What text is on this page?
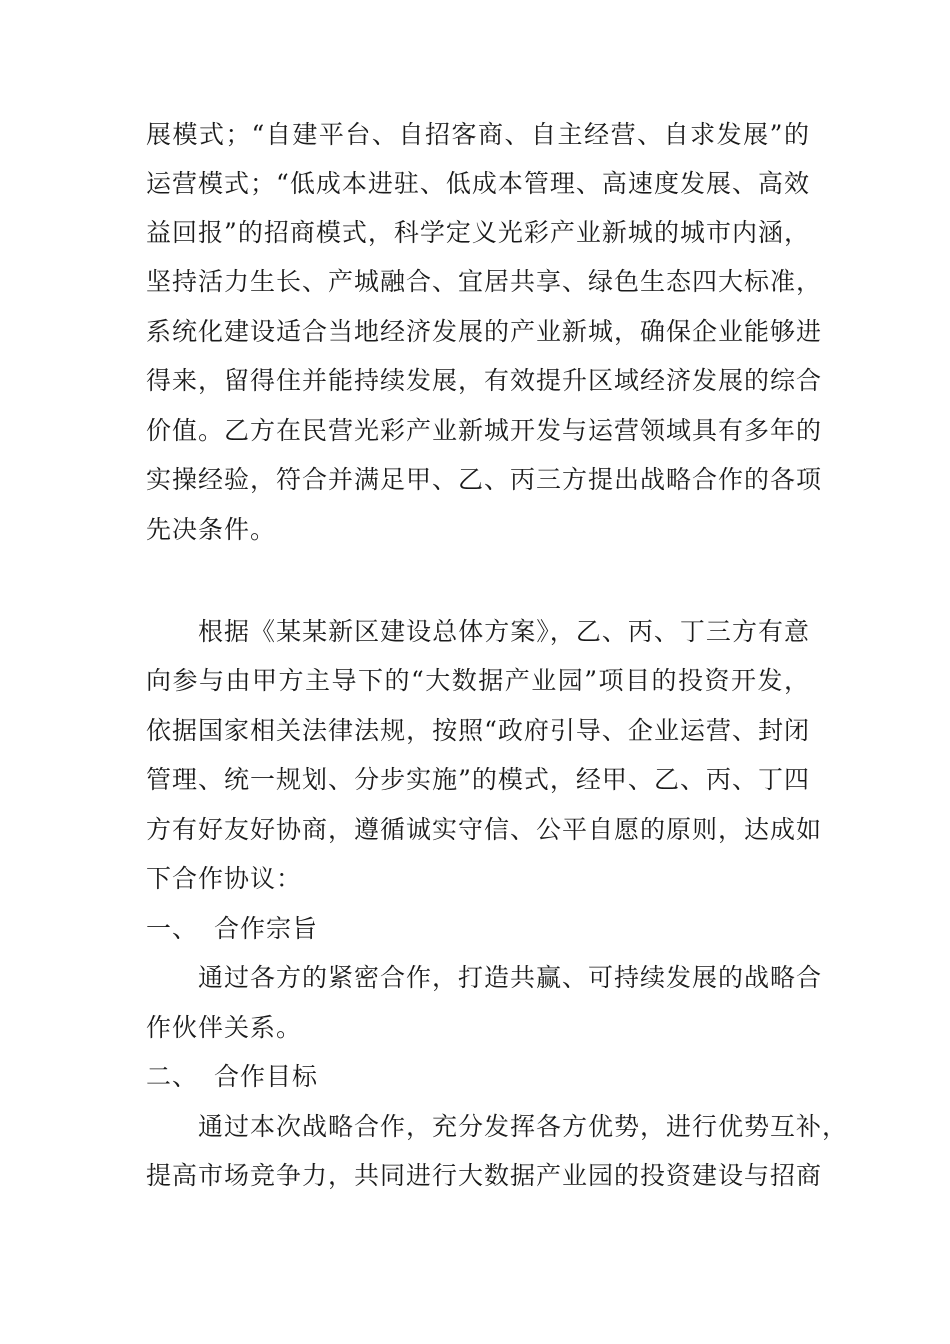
展模式；“自建平台、自招客商、自主经营、自求发展”的
运营模式；“低成本进驻、低成本管理、高速度发展、高效
益回报”的招商模式，科学定义光彩产业新城的城市内涵，
坚持活力生长、产城融合、宜居共享、绿色生态四大标准，
系统化建设适合当地经济发展的产业新城，确保企业能够进
得来，留得住并能持续发展，有效提升区域经济发展的综合
价值。乙方在民营光彩产业新城开发与运营领域具有多年的
实操经验，符合并满足甲、乙、丙三方提出战略合作的各项
先决条件。
根据《某某新区建设总体方案》，乙、丙、丁三方有意
向参与由甲方主导下的“大数据产业园”项目的投资开发，
依据国家相关法律法规，按照“政府引导、企业运营、封闭
管理、统一规划、分步实施”的模式，经甲、乙、丙、丁四
方有好友好协商，遵循诚实守信、公平自愿的原则，达成如
下合作协议：
一、 合作宗旨
通过各方的紧密合作，打造共赢、可持续发展的战略合
作伙伴关系。
二、 合作目标
通过本次战略合作，充分发挥各方优势，进行优势互补，
提高市场竞争力，共同进行大数据产业园的投资建设与招商
